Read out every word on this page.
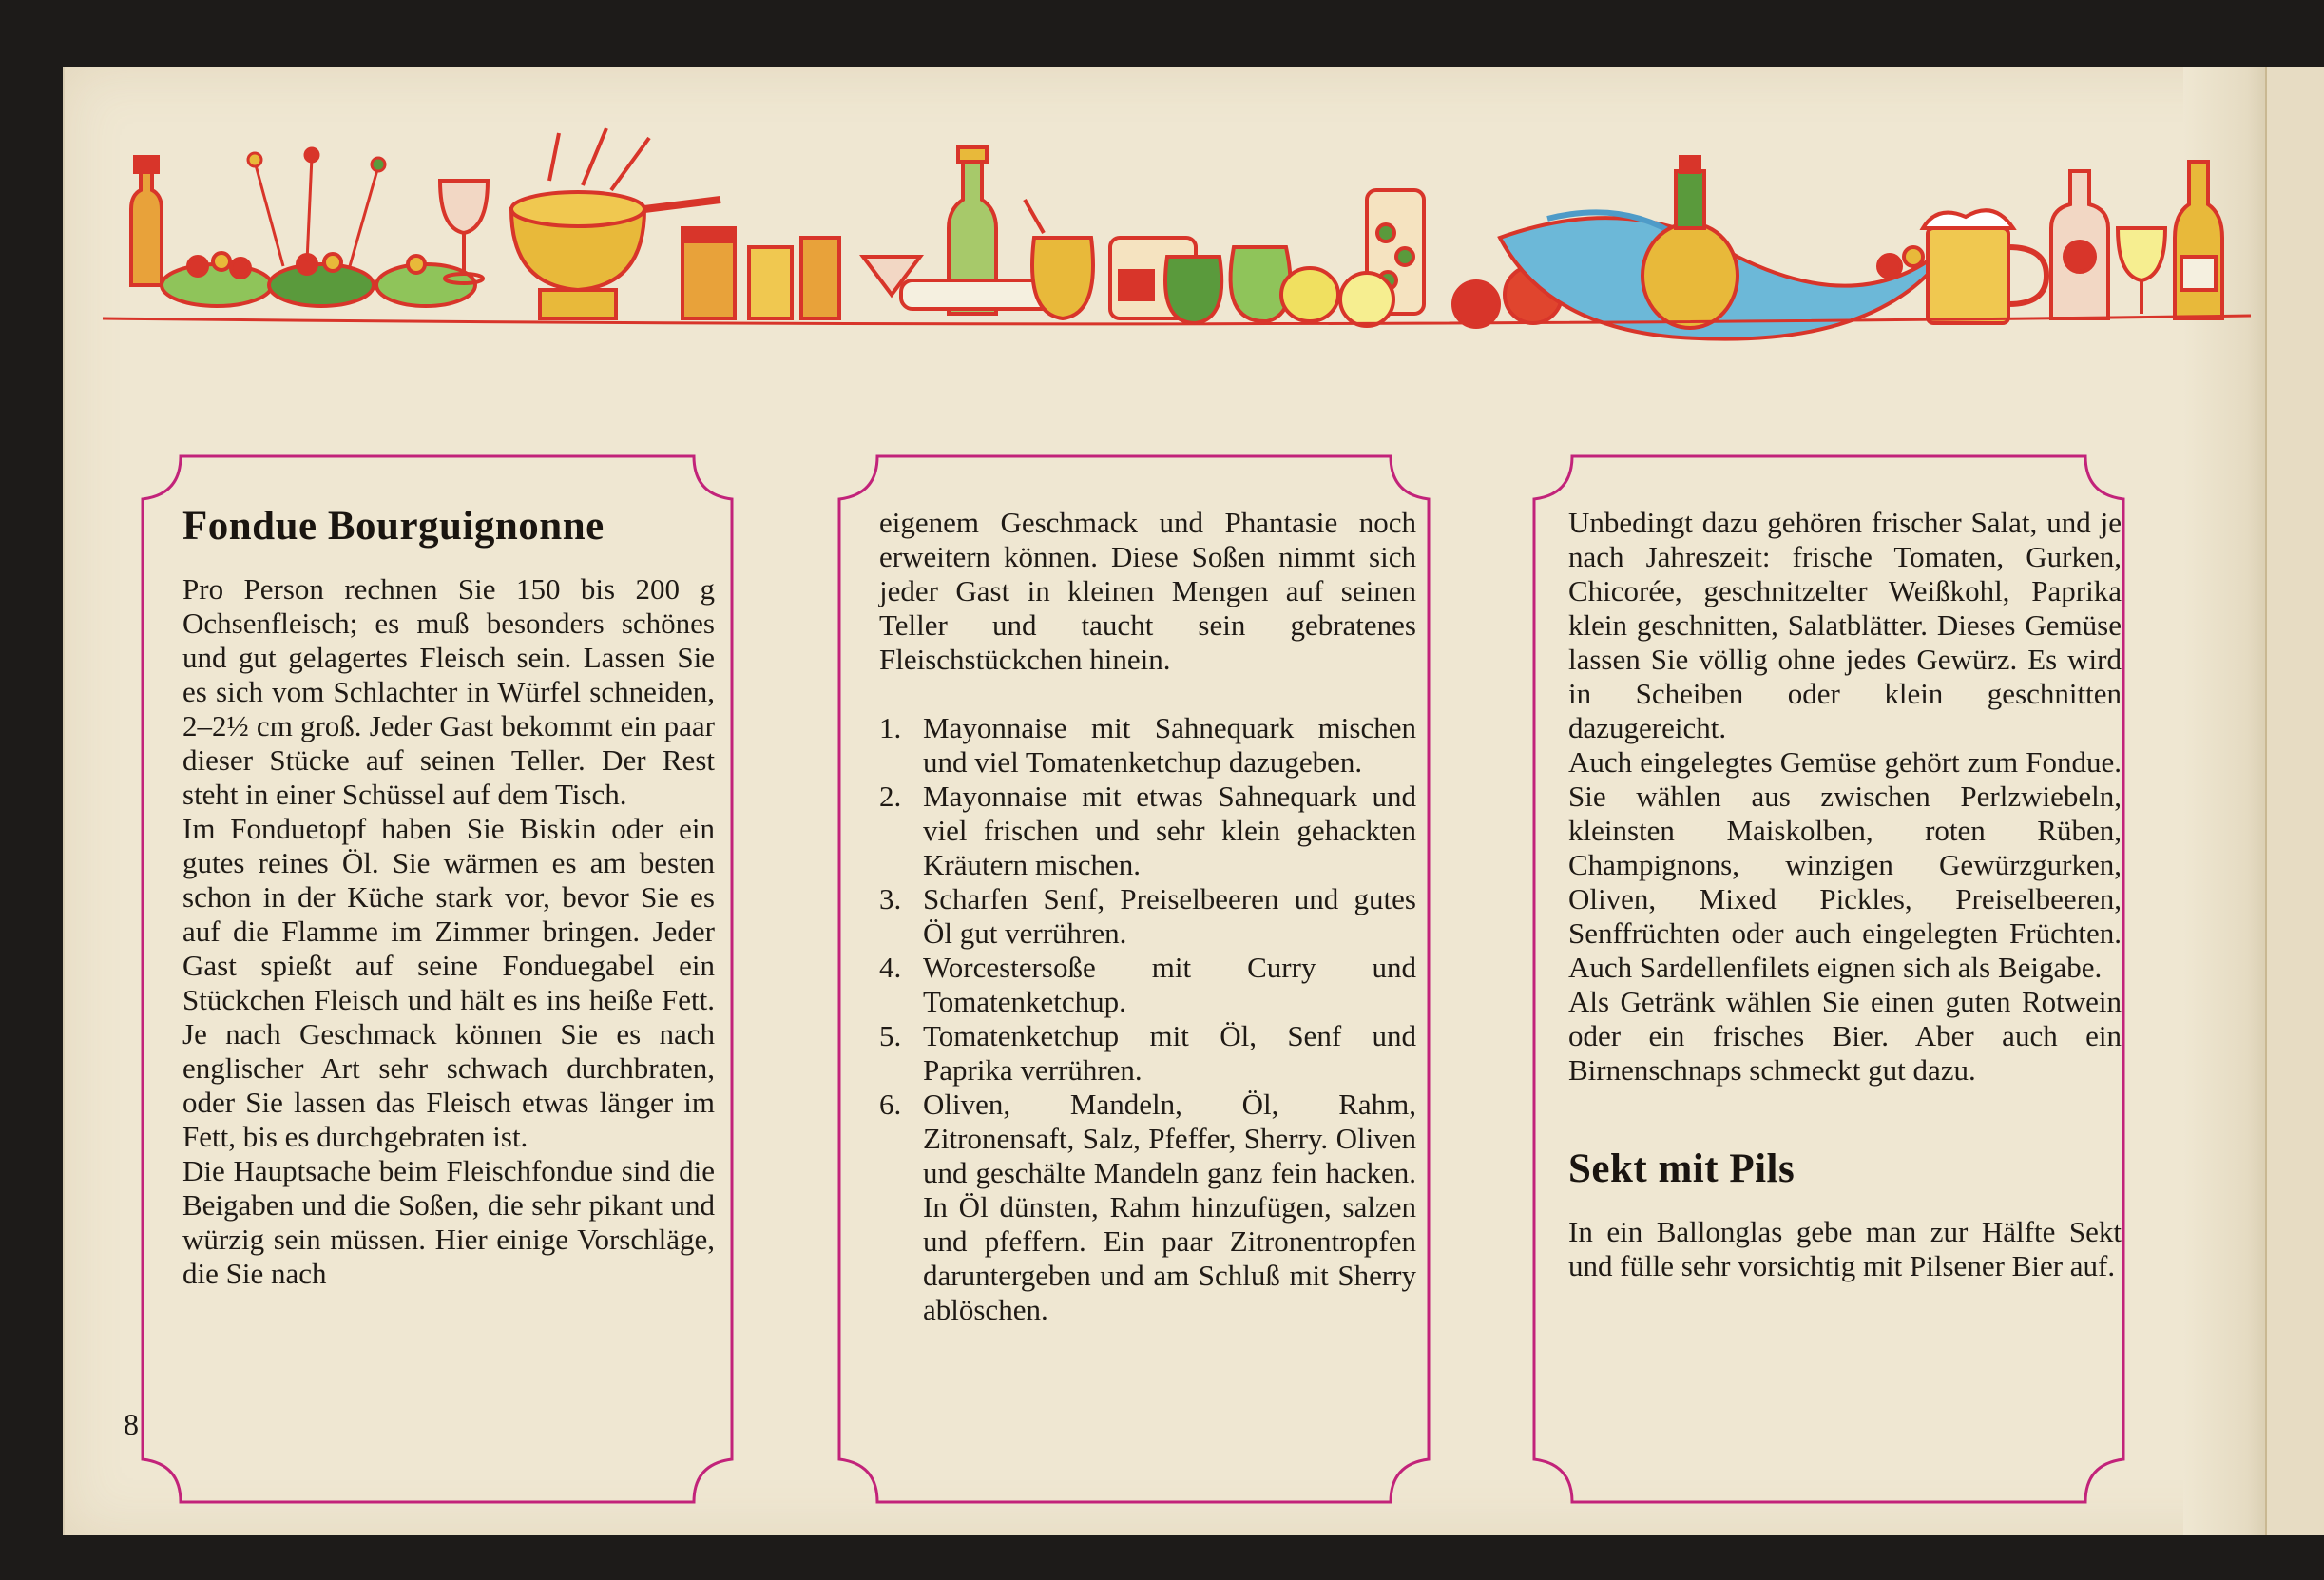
Fondue Bourguignonne

Pro Person rechnen Sie 150 bis 200 g Ochsenfleisch; es muß besonders schönes und gut gelagertes Fleisch sein. Lassen Sie es sich vom Schlachter in Würfel schneiden, 2–2½ cm groß. Jeder Gast bekommt ein paar dieser Stücke auf seinen Teller. Der Rest steht in einer Schüssel auf dem Tisch.

Im Fonduetopf haben Sie Biskin oder ein gutes reines Öl. Sie wärmen es am besten schon in der Küche stark vor, bevor Sie es auf die Flamme im Zimmer bringen. Jeder Gast spießt auf seine Fonduegabel ein Stückchen Fleisch und hält es ins heiße Fett. Je nach Geschmack können Sie es nach englischer Art sehr schwach durchbraten, oder Sie lassen das Fleisch etwas länger im Fett, bis es durchgebraten ist.

Die Hauptsache beim Fleischfondue sind die Beigaben und die Soßen, die sehr pikant und würzig sein müssen. Hier einige Vorschläge, die Sie nach

eigenem Geschmack und Phantasie noch erweitern können. Diese Soßen nimmt sich jeder Gast in kleinen Mengen auf seinen Teller und taucht sein gebratenes Fleischstückchen hinein.

1. Mayonnaise mit Sahnequark mischen und viel Tomatenketchup dazugeben.
2. Mayonnaise mit etwas Sahnequark und viel frischen und sehr klein gehackten Kräutern mischen.
3. Scharfen Senf, Preiselbeeren und gutes Öl gut verrühren.
4. Worcestersoße mit Curry und Tomatenketchup.
5. Tomatenketchup mit Öl, Senf und Paprika verrühren.
6. Oliven, Mandeln, Öl, Rahm, Zitronensaft, Salz, Pfeffer, Sherry. Oliven und geschälte Mandeln ganz fein hacken. In Öl dünsten, Rahm hinzufügen, salzen und pfeffern. Ein paar Zitronentropfen daruntergeben und am Schluß mit Sherry ablöschen.

Unbedingt dazu gehören frischer Salat, und je nach Jahreszeit: frische Tomaten, Gurken, Chicorée, geschnitzelter Weißkohl, Paprika klein geschnitten, Salatblätter. Dieses Gemüse lassen Sie völlig ohne jedes Gewürz. Es wird in Scheiben oder klein geschnitten dazugereicht.

Auch eingelegtes Gemüse gehört zum Fondue. Sie wählen aus zwischen Perlzwiebeln, kleinsten Maiskolben, roten Rüben, Champignons, winzigen Gewürzgurken, Oliven, Mixed Pickles, Preiselbeeren, Senffrüchten oder auch eingelegten Früchten. Auch Sardellenfilets eignen sich als Beigabe.

Als Getränk wählen Sie einen guten Rotwein oder ein frisches Bier. Aber auch ein Birnenschnaps schmeckt gut dazu.

Sekt mit Pils

In ein Ballonglas gebe man zur Hälfte Sekt und fülle sehr vorsichtig mit Pilsener Bier auf.

8
